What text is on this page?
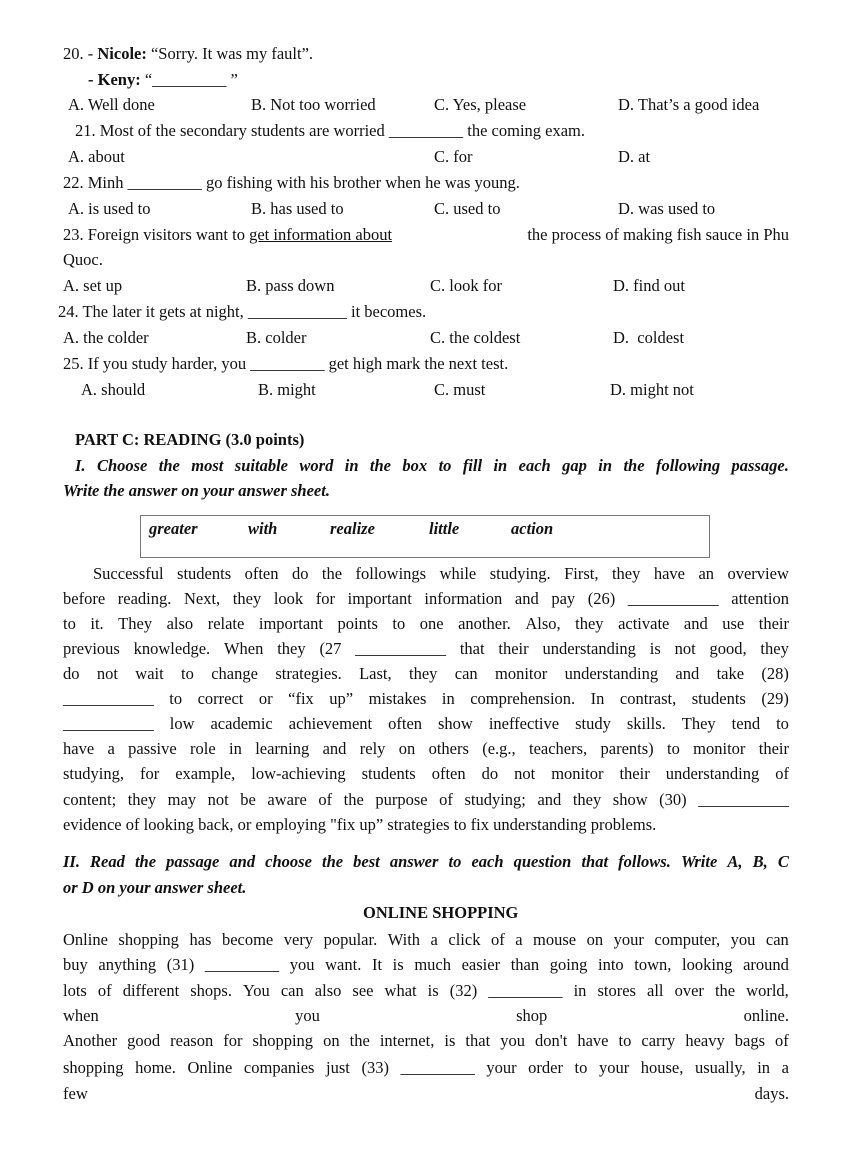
20. - Nicole: “Sorry. It was my fault”.
- Keny: “_________ ”
A. Well done	B. Not too worried	C. Yes, please	D. That’s a good idea
21. Most of the secondary students are worried _________ the coming exam.
A. about	C. for	D. at
22. Minh _________ go fishing with his brother when he was young.
A. is used to	B. has used to	C. used to	D. was used to
23. Foreign visitors want to get information about	the process of making fish sauce in Phu
Quoc.
A. set up	B. pass down	C. look for	D. find out
24. The later it gets at night, ____________ it becomes.
A. the colder	B. colder	C. the coldest	D.  coldest
25. If you study harder, you _________ get high mark the next test.
A. should	B. might	C. must	D. might not
PART C: READING (3.0 points)
I. Choose the most suitable word in the box to fill in each gap in the following passage.
Write the answer on your answer sheet.
greater	with	realize	little	action
Successful students often do the followings while studying. First, they have an overview
before reading. Next, they look for important information and pay (26) ___________ attention
to it. They also relate important points to one another. Also, they activate and use their
previous knowledge. When they (27 ___________ that their understanding is not good, they
do not wait to change strategies. Last, they can monitor understanding and take (28)
___________ to correct or “fix up” mistakes in comprehension. In contrast, students (29)
___________ low academic achievement often show ineffective study skills. They tend to
have a passive role in learning and rely on others (e.g., teachers, parents) to monitor their
studying, for example, low-achieving students often do not monitor their understanding of
content; they may not be aware of the purpose of studying; and they show (30) ___________
evidence of looking back, or employing "fix up” strategies to fix understanding problems.
II. Read the passage and choose the best answer to each question that follows. Write A, B, C
or D on your answer sheet.
ONLINE SHOPPING
Online shopping has become very popular. With a click of a mouse on your computer, you can
buy anything (31) _________ you want. It is much easier than going into town, looking around
lots of different shops. You can also see what is (32) _________ in stores all over the world,
when	you	shop	online.
Another good reason for shopping on the internet, is that you don't have to carry heavy bags of
shopping home. Online companies just (33) _________ your order to your house, usually, in a
few	days.
